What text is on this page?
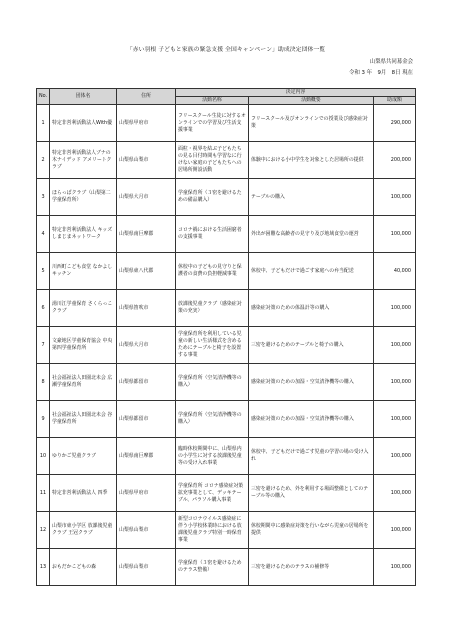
「赤い羽根 子どもと家族の緊急支援 全国キャンペーン」助成決定団体一覧
山梨県共同募金会
令和 3 年　9月　8日 現在
No.	団体名	住所	決定内容		
			活動名称	活動概要	助成額
1	特定非営利活動法人With優	山梨県甲府市	フリースクール生徒に対するオンラインでの学習及び生活支援事業	フリースクール及びオンラインでの授業及び感染症対策	290,000
2	特定非営利活動法人ブナの木ナイデッド アメリートクラブ	山梨県山梨市	面粒・視界を結ぶ子どもたちの見る目付時間も学習なに行けない家庭の子どもたちへの居場所開設活動	体験中における小中学生を対象とした居場所の提供	200,000
3	ほらっぱクラブ（山梨第二学童保育所）	山梨県大月市	学童保育所（３密を避けるための備品購入）	テーブルの購入	100,000
4	特定非営利活動法人 キッズしまじまネットワーク	山梨県南巨摩郡	コロナ禍における生活困窮者の支援事業	外出が困難な高齢者の見守り及び地域食堂の運営	100,000
5	川西町こども食堂 なかよしキッチン	山梨県東八代郡	休校中の子どもの見守りと保護者の食費の負担軽減事業	休校中、子どもだけで過ごす家庭への弁当配送	40,000
6	湯川江学童保育 さくらっこクラブ	山梨県笛吹市	放課後児童クラブ（感染症対策の充実）	感染症対策のための体温計等の購入	100,000
7	文豪地区学童保育協会 中央第四学童保育所	山梨県大月市	学童保育所を利用している児童の新しい生活様式を含めるためにテーブルと椅子を設置する事業	三密を避けるためのテーブルと椅子の購入	100,000
8	社会福祉法人田園北未会 広瀬学童保育所	山梨県都留市	学童保育所（空気清浄機等の購入）	感染症対策のための加湿・空気清浄機等の購入	100,000
9	社会福祉法人田園北未会 谷学童保育所	山梨県都留市	学童保育所（空気清浄機等の購入）	感染症対策のための加湿・空気清浄機等の購入	100,000
10	ゆりかご児童クラブ	山梨県南巨摩郡	臨時休校期間中に、山梨県内の小学生に対する放課後児童等の受け入れ事業	休校中、子どもだけで過ごす児童の学習の場の受け入れ	100,000
11	特定非営利活動法人 四季	山梨県甲府市	学童保育所 コロナ感染症対策拡充事業として、デッキテーブル、パラソル購入事業	三密を避けるため、外を利用する場面整備としてのテーブル等の購入	100,000
12	山梨市東小学区 放課後児童クラブ 王冠クラブ	山梨県山梨市	新型コロナウイルス感染症に伴う小学校休業時における放課後児童クラブ特別一時保育事業	休校期間中に感染症対策を行いながら児童の居場所を提供	100,000
13	おもだかこどもの森	山梨県山梨市	学童保育（３密を避けるためのテラス整備）	三密を避けるためのテラスの補修等	100,000
